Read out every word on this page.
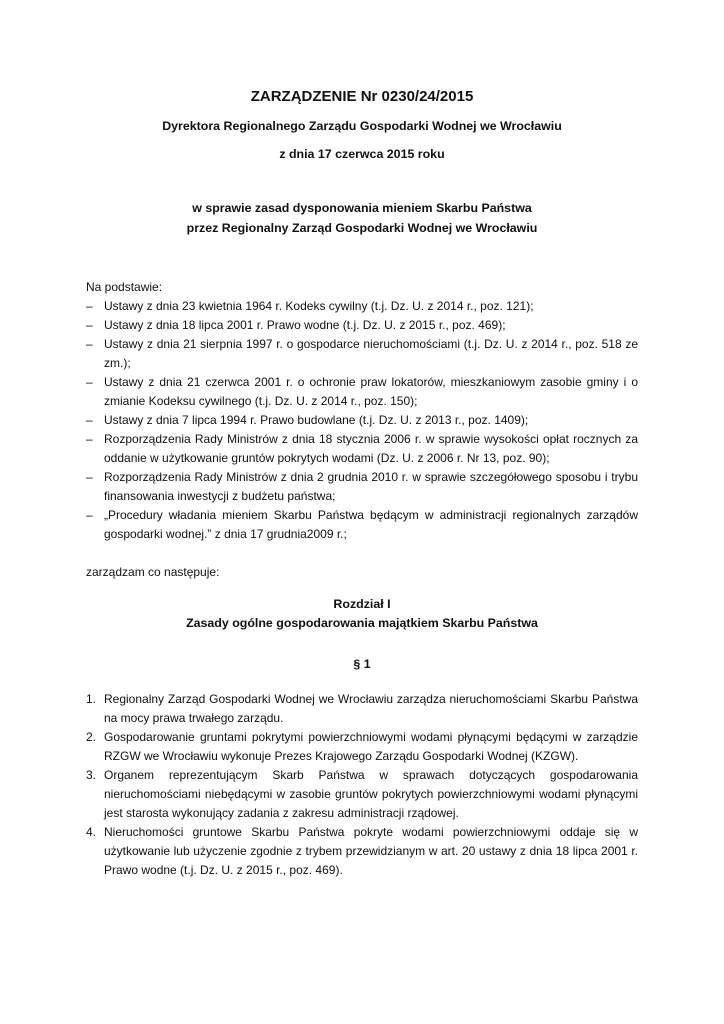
ZARZĄDZENIE Nr 0230/24/2015
Dyrektora Regionalnego Zarządu Gospodarki Wodnej we Wrocławiu
z dnia 17 czerwca 2015 roku
w sprawie zasad dysponowania mieniem Skarbu Państwa
przez Regionalny Zarząd Gospodarki Wodnej we Wrocławiu
Na podstawie:
– Ustawy z dnia 23 kwietnia 1964 r. Kodeks cywilny (t.j. Dz. U. z 2014 r., poz. 121);
– Ustawy z dnia 18 lipca 2001 r. Prawo wodne (t.j. Dz. U. z 2015 r., poz. 469);
– Ustawy z dnia 21 sierpnia 1997 r. o gospodarce nieruchomościami (t.j. Dz. U. z 2014 r., poz. 518 ze zm.);
– Ustawy z dnia 21 czerwca 2001 r. o ochronie praw lokatorów, mieszkaniowym zasobie gminy i o zmianie Kodeksu cywilnego (t.j. Dz. U. z 2014 r., poz. 150);
– Ustawy z dnia 7 lipca 1994 r. Prawo budowlane (t.j. Dz. U. z 2013 r., poz. 1409);
– Rozporządzenia Rady Ministrów z dnia 18 stycznia 2006 r. w sprawie wysokości opłat rocznych za oddanie w użytkowanie gruntów pokrytych wodami (Dz. U. z 2006 r. Nr 13, poz. 90);
– Rozporządzenia Rady Ministrów z dnia 2 grudnia 2010 r. w sprawie szczegółowego sposobu i trybu finansowania inwestycji z budżetu państwa;
– „Procedury władania mieniem Skarbu Państwa będącym w administracji regionalnych zarządów gospodarki wodnej.” z dnia 17 grudnia2009 r.;
zarządzam co następuje:
Rozdział I
Zasady ogólne gospodarowania majątkiem Skarbu Państwa
§ 1
1. Regionalny Zarząd Gospodarki Wodnej we Wrocławiu zarządza nieruchomościami Skarbu Państwa na mocy prawa trwałego zarządu.
2. Gospodarowanie gruntami pokrytymi powierzchniowymi wodami płynącymi będącymi w zarządzie RZGW we Wrocławiu wykonuje Prezes Krajowego Zarządu Gospodarki Wodnej (KZGW).
3. Organem reprezentującym Skarb Państwa w sprawach dotyczących gospodarowania nieruchomościami niebędącymi w zasobie gruntów pokrytych powierzchniowymi wodami płynącymi jest starosta wykonujący zadania z zakresu administracji rządowej.
4. Nieruchomości gruntowe Skarbu Państwa pokryte wodami powierzchniowymi oddaje się w użytkowanie lub użyczenie zgodnie z trybem przewidzianym w art. 20 ustawy z dnia 18 lipca 2001 r. Prawo wodne (t.j. Dz. U. z 2015 r., poz. 469).
